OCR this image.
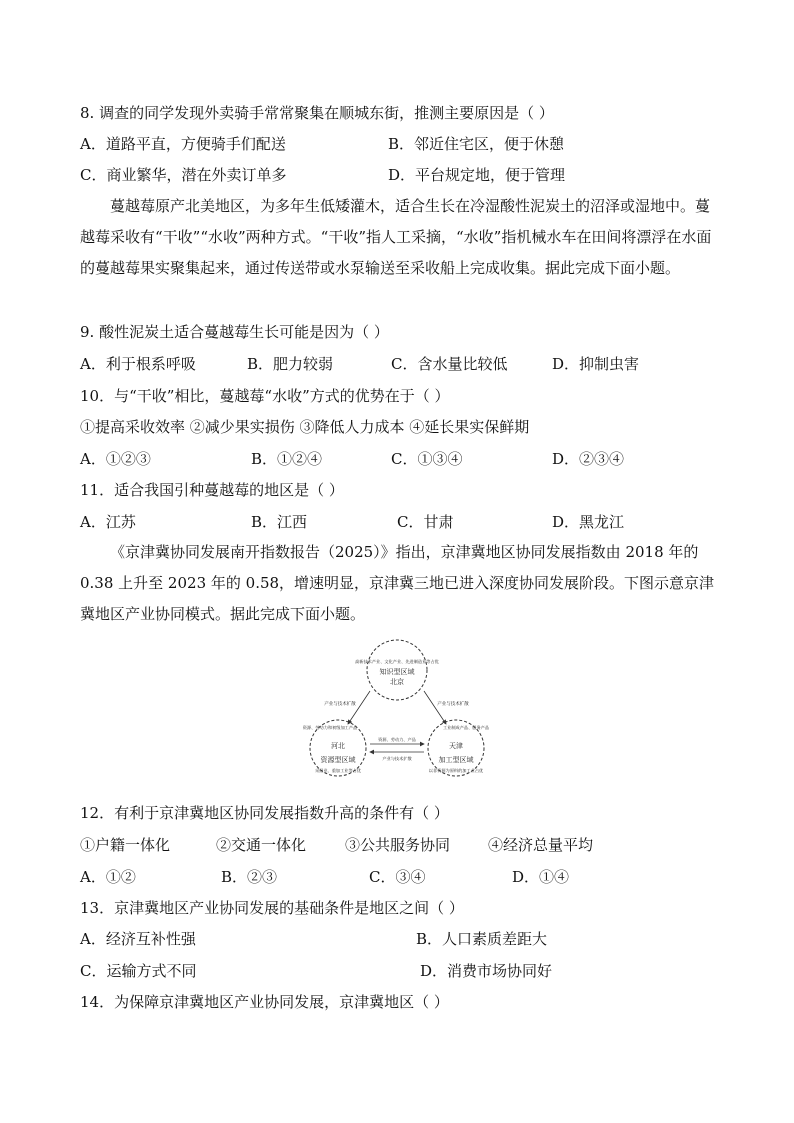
8. 调查的同学发现外卖骑手常常聚集在顺城东街，推测主要原因是（ ）
A．道路平直，方便骑手们配送	B．邻近住宅区，便于休憩
C．商业繁华，潜在外卖订单多	D．平台规定地，便于管理
蔓越莓原产北美地区，为多年生低矮灌木，适合生长在冷湿酸性泥炭土的沼泽或湿地中。蔓越莓采收有“干收”“水收”两种方式。“干收”指人工采摘，“水收”指机械水车在田间将漂浮在水面的蔓越莓果实聚集起来，通过传送带或水泵输送至采收船上完成收集。据此完成下面小题。
9. 酸性泥炭土适合蔓越莓生长可能是因为（ ）
A．利于根系呼吸	B．肥力较弱	C．含水量比较低	D．抑制虫害
10．与“干收”相比，蔓越莓“水收”方式的优势在于（ ）
①提高采收效率 ②减少果实损伤 ③降低人力成本 ④延长果实保鲜期
A．①②③	B．①②④	C．①③④	D．②③④
11．适合我国引种蔓越莓的地区是（ ）
A．江苏	B．江西	C．甘肃	D．黑龙江
《京津冀协同发展南开指数报告（2025）》指出，京津冀地区协同发展指数由 2018 年的 0.38 上升至 2023 年的 0.58，增速明显，京津冀三地已进入深度协同发展阶段。下图示意京津冀地区产业协同模式。据此完成下面小题。
高新技术产业、文化产业、先进制造业等占优
知识型区域
北京
产业与技术扩散	产业与技术扩散
资源、劳动力、产品
产业与技术扩散
资源、劳动力和初级加工产品	工业制成产品、服务产品
河北
资源型区域
采掘业、重加工业等占优
天津
加工型区域
以非资源为原料的加工业占优
12．有利于京津冀地区协同发展指数升高的条件有（ ）
①户籍一体化	②交通一体化	③公共服务协同	④经济总量平均
A．①②	B．②③	C．③④	D．①④
13．京津冀地区产业协同发展的基础条件是地区之间（ ）
A．经济互补性强	B．人口素质差距大
C．运输方式不同	D．消费市场协同好
14．为保障京津冀地区产业协同发展，京津冀地区（ ）
